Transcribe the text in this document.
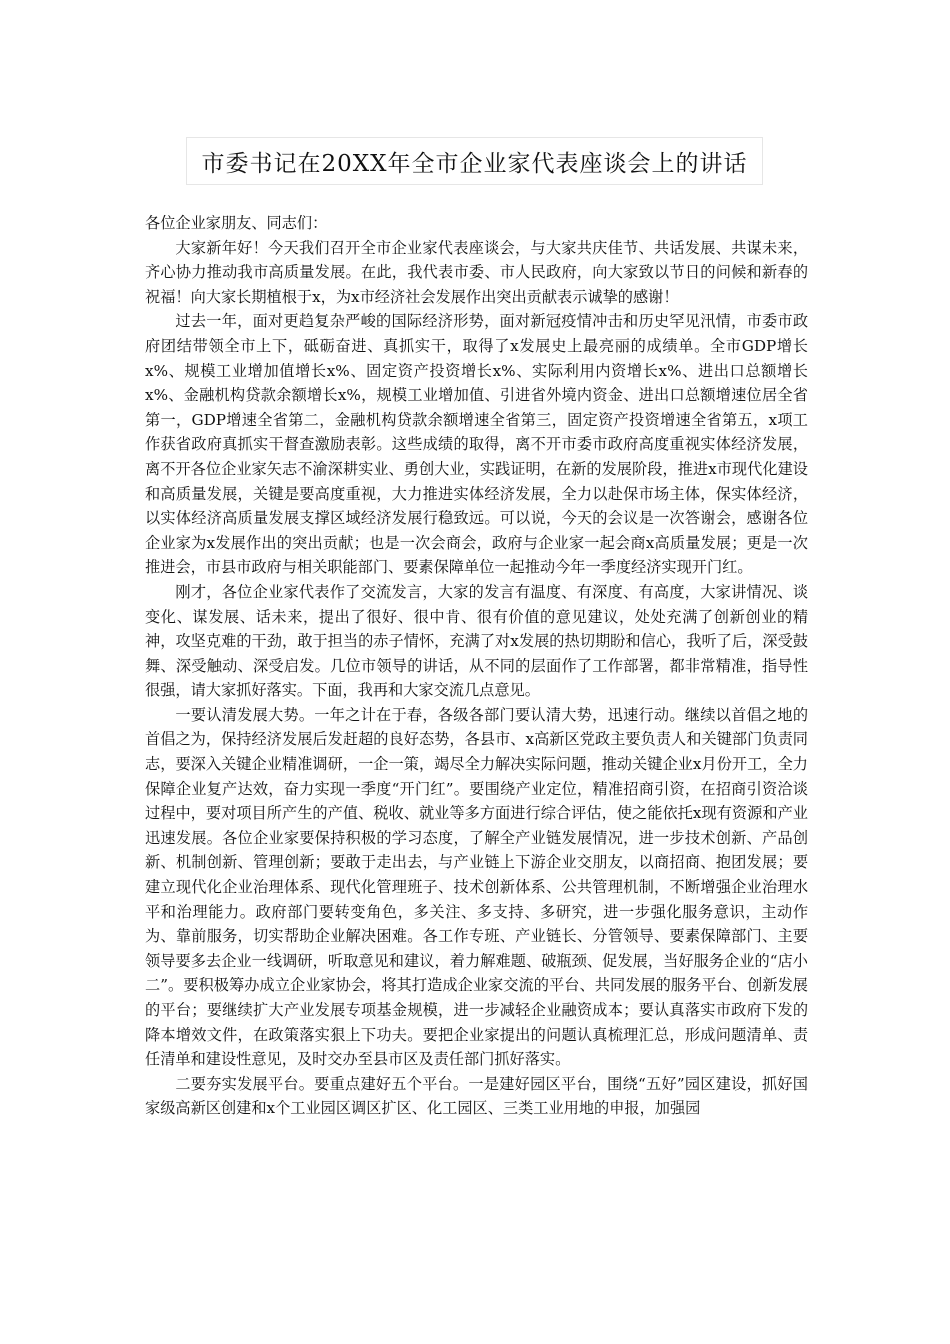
市委书记在20XX年全市企业家代表座谈会上的讲话

各位企业家朋友、同志们：

大家新年好！今天我们召开全市企业家代表座谈会，与大家共庆佳节、共话发展、共谋未来，齐心协力推动我市高质量发展。在此，我代表市委、市人民政府，向大家致以节日的问候和新春的祝福！向大家长期植根于x，为x市经济社会发展作出突出贡献表示诚挚的感谢！

过去一年，面对更趋复杂严峻的国际经济形势，面对新冠疫情冲击和历史罕见汛情，市委市政府团结带领全市上下，砥砺奋进、真抓实干，取得了x发展史上最亮丽的成绩单。全市GDP增长x%、规模工业增加值增长x%、固定资产投资增长x%、实际利用内资增长x%、进出口总额增长x%、金融机构贷款余额增长x%，规模工业增加值、引进省外境内资金、进出口总额增速位居全省第一，GDP增速全省第二，金融机构贷款余额增速全省第三，固定资产投资增速全省第五，x项工作获省政府真抓实干督查激励表彰。这些成绩的取得，离不开市委市政府高度重视实体经济发展，离不开各位企业家矢志不渝深耕实业、勇创大业，实践证明，在新的发展阶段，推进x市现代化建设和高质量发展，关键是要高度重视，大力推进实体经济发展，全力以赴保市场主体，保实体经济，以实体经济高质量发展支撑区域经济发展行稳致远。可以说，今天的会议是一次答谢会，感谢各位企业家为x发展作出的突出贡献；也是一次会商会，政府与企业家一起会商x高质量发展；更是一次推进会，市县市政府与相关职能部门、要素保障单位一起推动今年一季度经济实现开门红。

刚才，各位企业家代表作了交流发言，大家的发言有温度、有深度、有高度，大家讲情况、谈变化、谋发展、话未来，提出了很好、很中肯、很有价值的意见建议，处处充满了创新创业的精神，攻坚克难的干劲，敢于担当的赤子情怀，充满了对x发展的热切期盼和信心，我听了后，深受鼓舞、深受触动、深受启发。几位市领导的讲话，从不同的层面作了工作部署，都非常精准，指导性很强，请大家抓好落实。下面，我再和大家交流几点意见。

一要认清发展大势。一年之计在于春，各级各部门要认清大势，迅速行动。继续以首倡之地的首倡之为，保持经济发展后发赶超的良好态势，各县市、x高新区党政主要负责人和关键部门负责同志，要深入关键企业精准调研，一企一策，竭尽全力解决实际问题，推动关键企业x月份开工，全力保障企业复产达效，奋力实现一季度“开门红”。要围绕产业定位，精准招商引资，在招商引资洽谈过程中，要对项目所产生的产值、税收、就业等多方面进行综合评估，使之能依托x现有资源和产业迅速发展。各位企业家要保持积极的学习态度，了解全产业链发展情况，进一步技术创新、产品创新、机制创新、管理创新；要敢于走出去，与产业链上下游企业交朋友，以商招商、抱团发展；要建立现代化企业治理体系、现代化管理班子、技术创新体系、公共管理机制，不断增强企业治理水平和治理能力。政府部门要转变角色，多关注、多支持、多研究，进一步强化服务意识，主动作为、靠前服务，切实帮助企业解决困难。各工作专班、产业链长、分管领导、要素保障部门、主要领导要多去企业一线调研，听取意见和建议，着力解难题、破瓶颈、促发展，当好服务企业的“店小二”。要积极筹办成立企业家协会，将其打造成企业家交流的平台、共同发展的服务平台、创新发展的平台；要继续扩大产业发展专项基金规模，进一步减轻企业融资成本；要认真落实市政府下发的降本增效文件，在政策落实狠上下功夫。要把企业家提出的问题认真梳理汇总，形成问题清单、责任清单和建设性意见，及时交办至县市区及责任部门抓好落实。

二要夯实发展平台。要重点建好五个平台。一是建好园区平台，围绕“五好”园区建设，抓好国家级高新区创建和x个工业园区调区扩区、化工园区、三类工业用地的申报，加强园
